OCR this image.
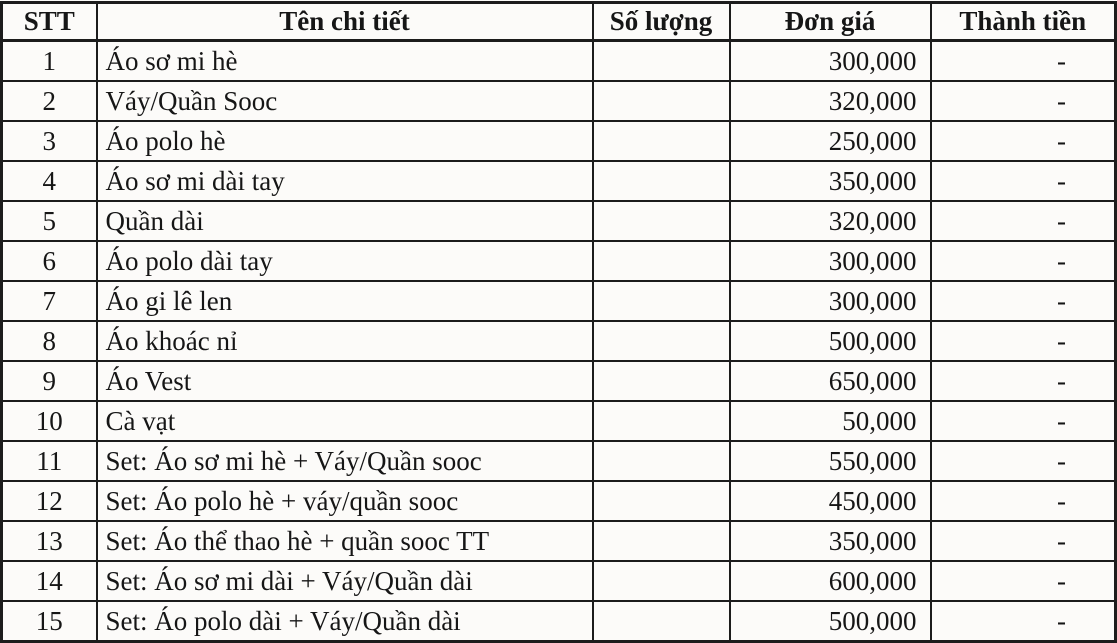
STT	Tên chi tiết	Số lượng	Đơn giá	Thành tiền
1	Áo sơ mi hè		300,000	-
2	Váy/Quần Sooc		320,000	-
3	Áo polo hè		250,000	-
4	Áo sơ mi dài tay		350,000	-
5	Quần dài		320,000	-
6	Áo polo dài tay		300,000	-
7	Áo gi lê len		300,000	-
8	Áo khoác nỉ		500,000	-
9	Áo Vest		650,000	-
10	Cà vạt		50,000	-
11	Set: Áo sơ mi hè + Váy/Quần sooc		550,000	-
12	Set: Áo polo hè + váy/quần sooc		450,000	-
13	Set: Áo thể thao hè + quần sooc TT		350,000	-
14	Set: Áo sơ mi dài + Váy/Quần dài		600,000	-
15	Set: Áo polo dài + Váy/Quần dài		500,000	-
